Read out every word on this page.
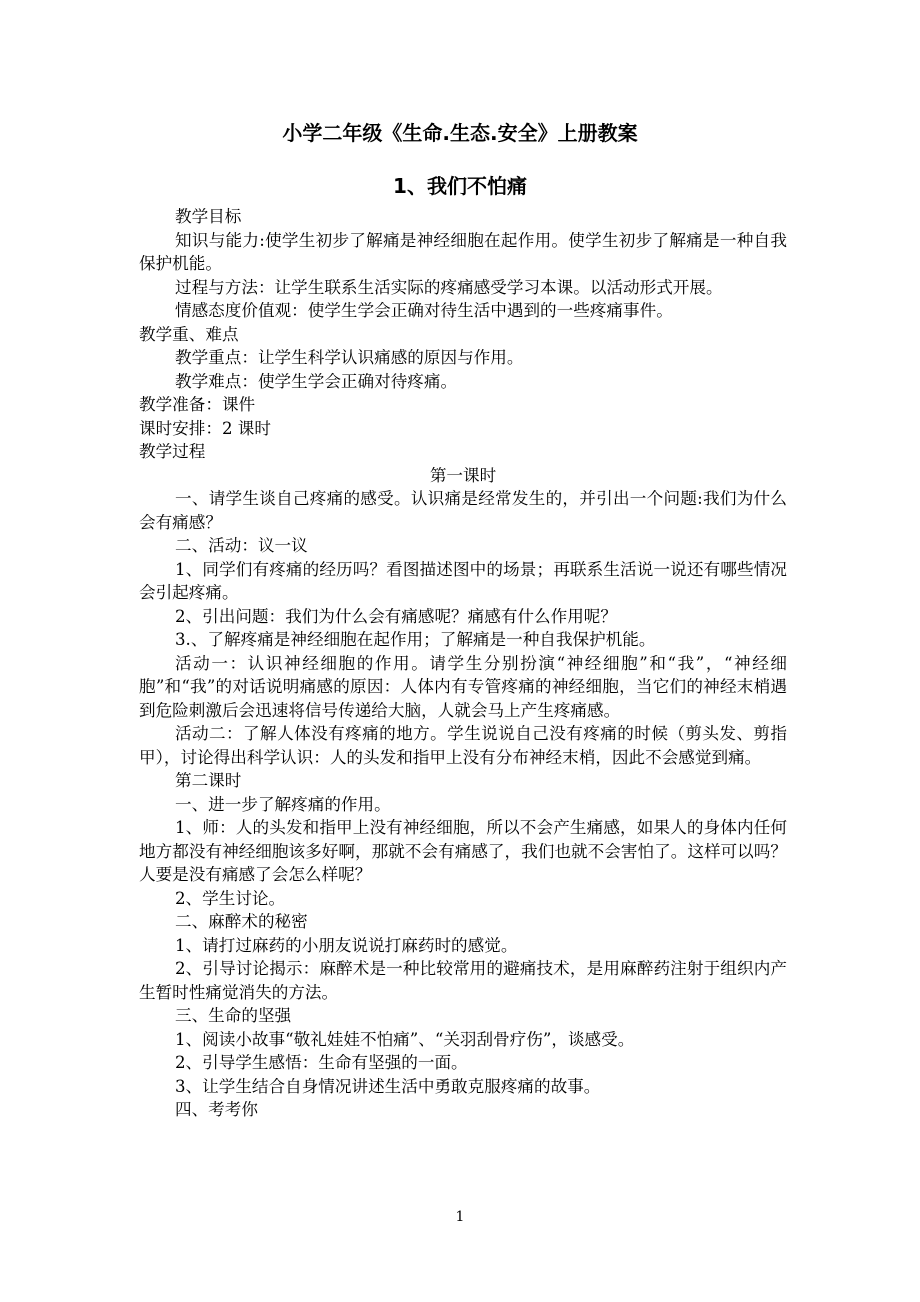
小学二年级《生命.生态.安全》上册教案
1、我们不怕痛

教学目标

知识与能力:使学生初步了解痛是神经细胞在起作用。使学生初步了解痛是一种自我保护机能。

过程与方法：让学生联系生活实际的疼痛感受学习本课。以活动形式开展。

情感态度价值观：使学生学会正确对待生活中遇到的一些疼痛事件。

教学重、难点

教学重点：让学生科学认识痛感的原因与作用。

教学难点：使学生学会正确对待疼痛。

教学准备：课件

课时安排：2 课时

教学过程

第一课时

一、请学生谈自己疼痛的感受。认识痛是经常发生的，并引出一个问题:我们为什么会有痛感？

二、活动：议一议

1、同学们有疼痛的经历吗？看图描述图中的场景；再联系生活说一说还有哪些情况会引起疼痛。

2、引出问题：我们为什么会有痛感呢？痛感有什么作用呢？

3.、了解疼痛是神经细胞在起作用；了解痛是一种自我保护机能。

活动一：认识神经细胞的作用。请学生分别扮演“神经细胞”和“我”，“神经细胞”和“我”的对话说明痛感的原因：人体内有专管疼痛的神经细胞，当它们的神经末梢遇到危险刺激后会迅速将信号传递给大脑，人就会马上产生疼痛感。

活动二：了解人体没有疼痛的地方。学生说说自己没有疼痛的时候（剪头发、剪指甲），讨论得出科学认识：人的头发和指甲上没有分布神经末梢，因此不会感觉到痛。

第二课时

一、进一步了解疼痛的作用。

1、师：人的头发和指甲上没有神经细胞，所以不会产生痛感，如果人的身体内任何地方都没有神经细胞该多好啊，那就不会有痛感了，我们也就不会害怕了。这样可以吗？人要是没有痛感了会怎么样呢？

2、学生讨论。

二、麻醉术的秘密

1、请打过麻药的小朋友说说打麻药时的感觉。

2、引导讨论揭示：麻醉术是一种比较常用的避痛技术，是用麻醉药注射于组织内产生暂时性痛觉消失的方法。

三、生命的坚强

1、阅读小故事“敬礼娃娃不怕痛”、“关羽刮骨疗伤”，谈感受。

2、引导学生感悟：生命有坚强的一面。

3、让学生结合自身情况讲述生活中勇敢克服疼痛的故事。

四、考考你

1
